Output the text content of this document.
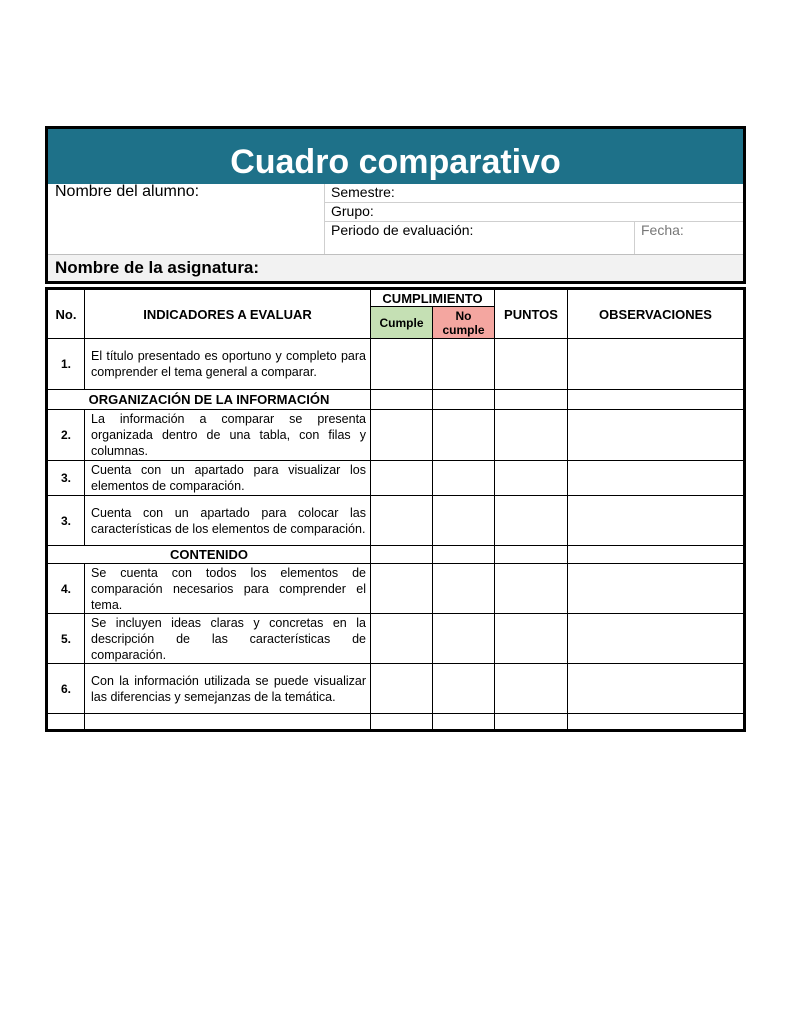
Cuadro comparativo
Nombre del alumno:	Semestre:
Grupo:
Periodo de evaluación:	Fecha:
Nombre de la asignatura:
No.	INDICADORES A EVALUAR	CUMPLIMIENTO		PUNTOS	OBSERVACIONES
		Cumple	No cumple		
1.	El título presentado es oportuno y completo para comprender el tema general a comparar.				
ORGANIZACIÓN DE LA INFORMACIÓN					
2.	La información a comparar se presenta organizada dentro de una tabla, con filas y columnas.				
3.	Cuenta con un apartado para visualizar los elementos de comparación.				
3.	Cuenta con un apartado para colocar las características de los elementos de comparación.				
CONTENIDO					
4.	Se cuenta con todos los elementos de comparación necesarios para comprender el tema.				
5.	Se incluyen ideas claras y concretas en la descripción de las características de comparación.				
6.	Con la información utilizada se puede visualizar las diferencias y semejanzas de la temática.				
